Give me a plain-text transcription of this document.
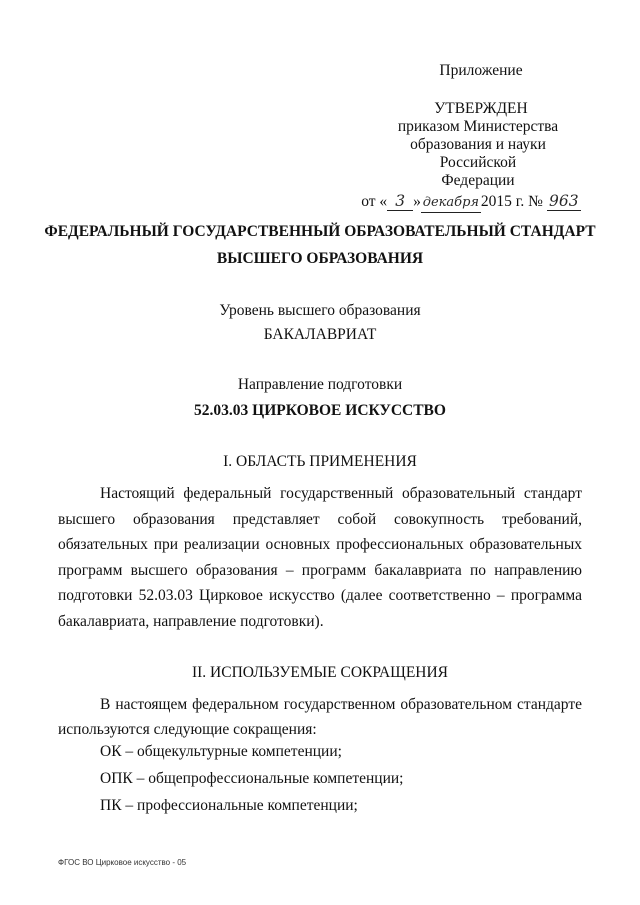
Приложение
УТВЕРЖДЕН
приказом Министерства
образования и науки Российской
Федерации
от « 3 » декабря 2015 г. № 963
ФЕДЕРАЛЬНЫЙ ГОСУДАРСТВЕННЫЙ ОБРАЗОВАТЕЛЬНЫЙ СТАНДАРТ
ВЫСШЕГО ОБРАЗОВАНИЯ
Уровень высшего образования
БАКАЛАВРИАТ
Направление подготовки
52.03.03 ЦИРКОВОЕ ИСКУССТВО
I. ОБЛАСТЬ ПРИМЕНЕНИЯ
Настоящий федеральный государственный образовательный стандарт высшего образования представляет собой совокупность требований, обязательных при реализации основных профессиональных образовательных программ высшего образования – программ бакалавриата по направлению подготовки 52.03.03 Цирковое искусство (далее соответственно – программа бакалавриата, направление подготовки).
II. ИСПОЛЬЗУЕМЫЕ СОКРАЩЕНИЯ
В настоящем федеральном государственном образовательном стандарте используются следующие сокращения:
ОК – общекультурные компетенции;
ОПК – общепрофессиональные компетенции;
ПК – профессиональные компетенции;
ФГОС ВО Цирковое искусство - 05
